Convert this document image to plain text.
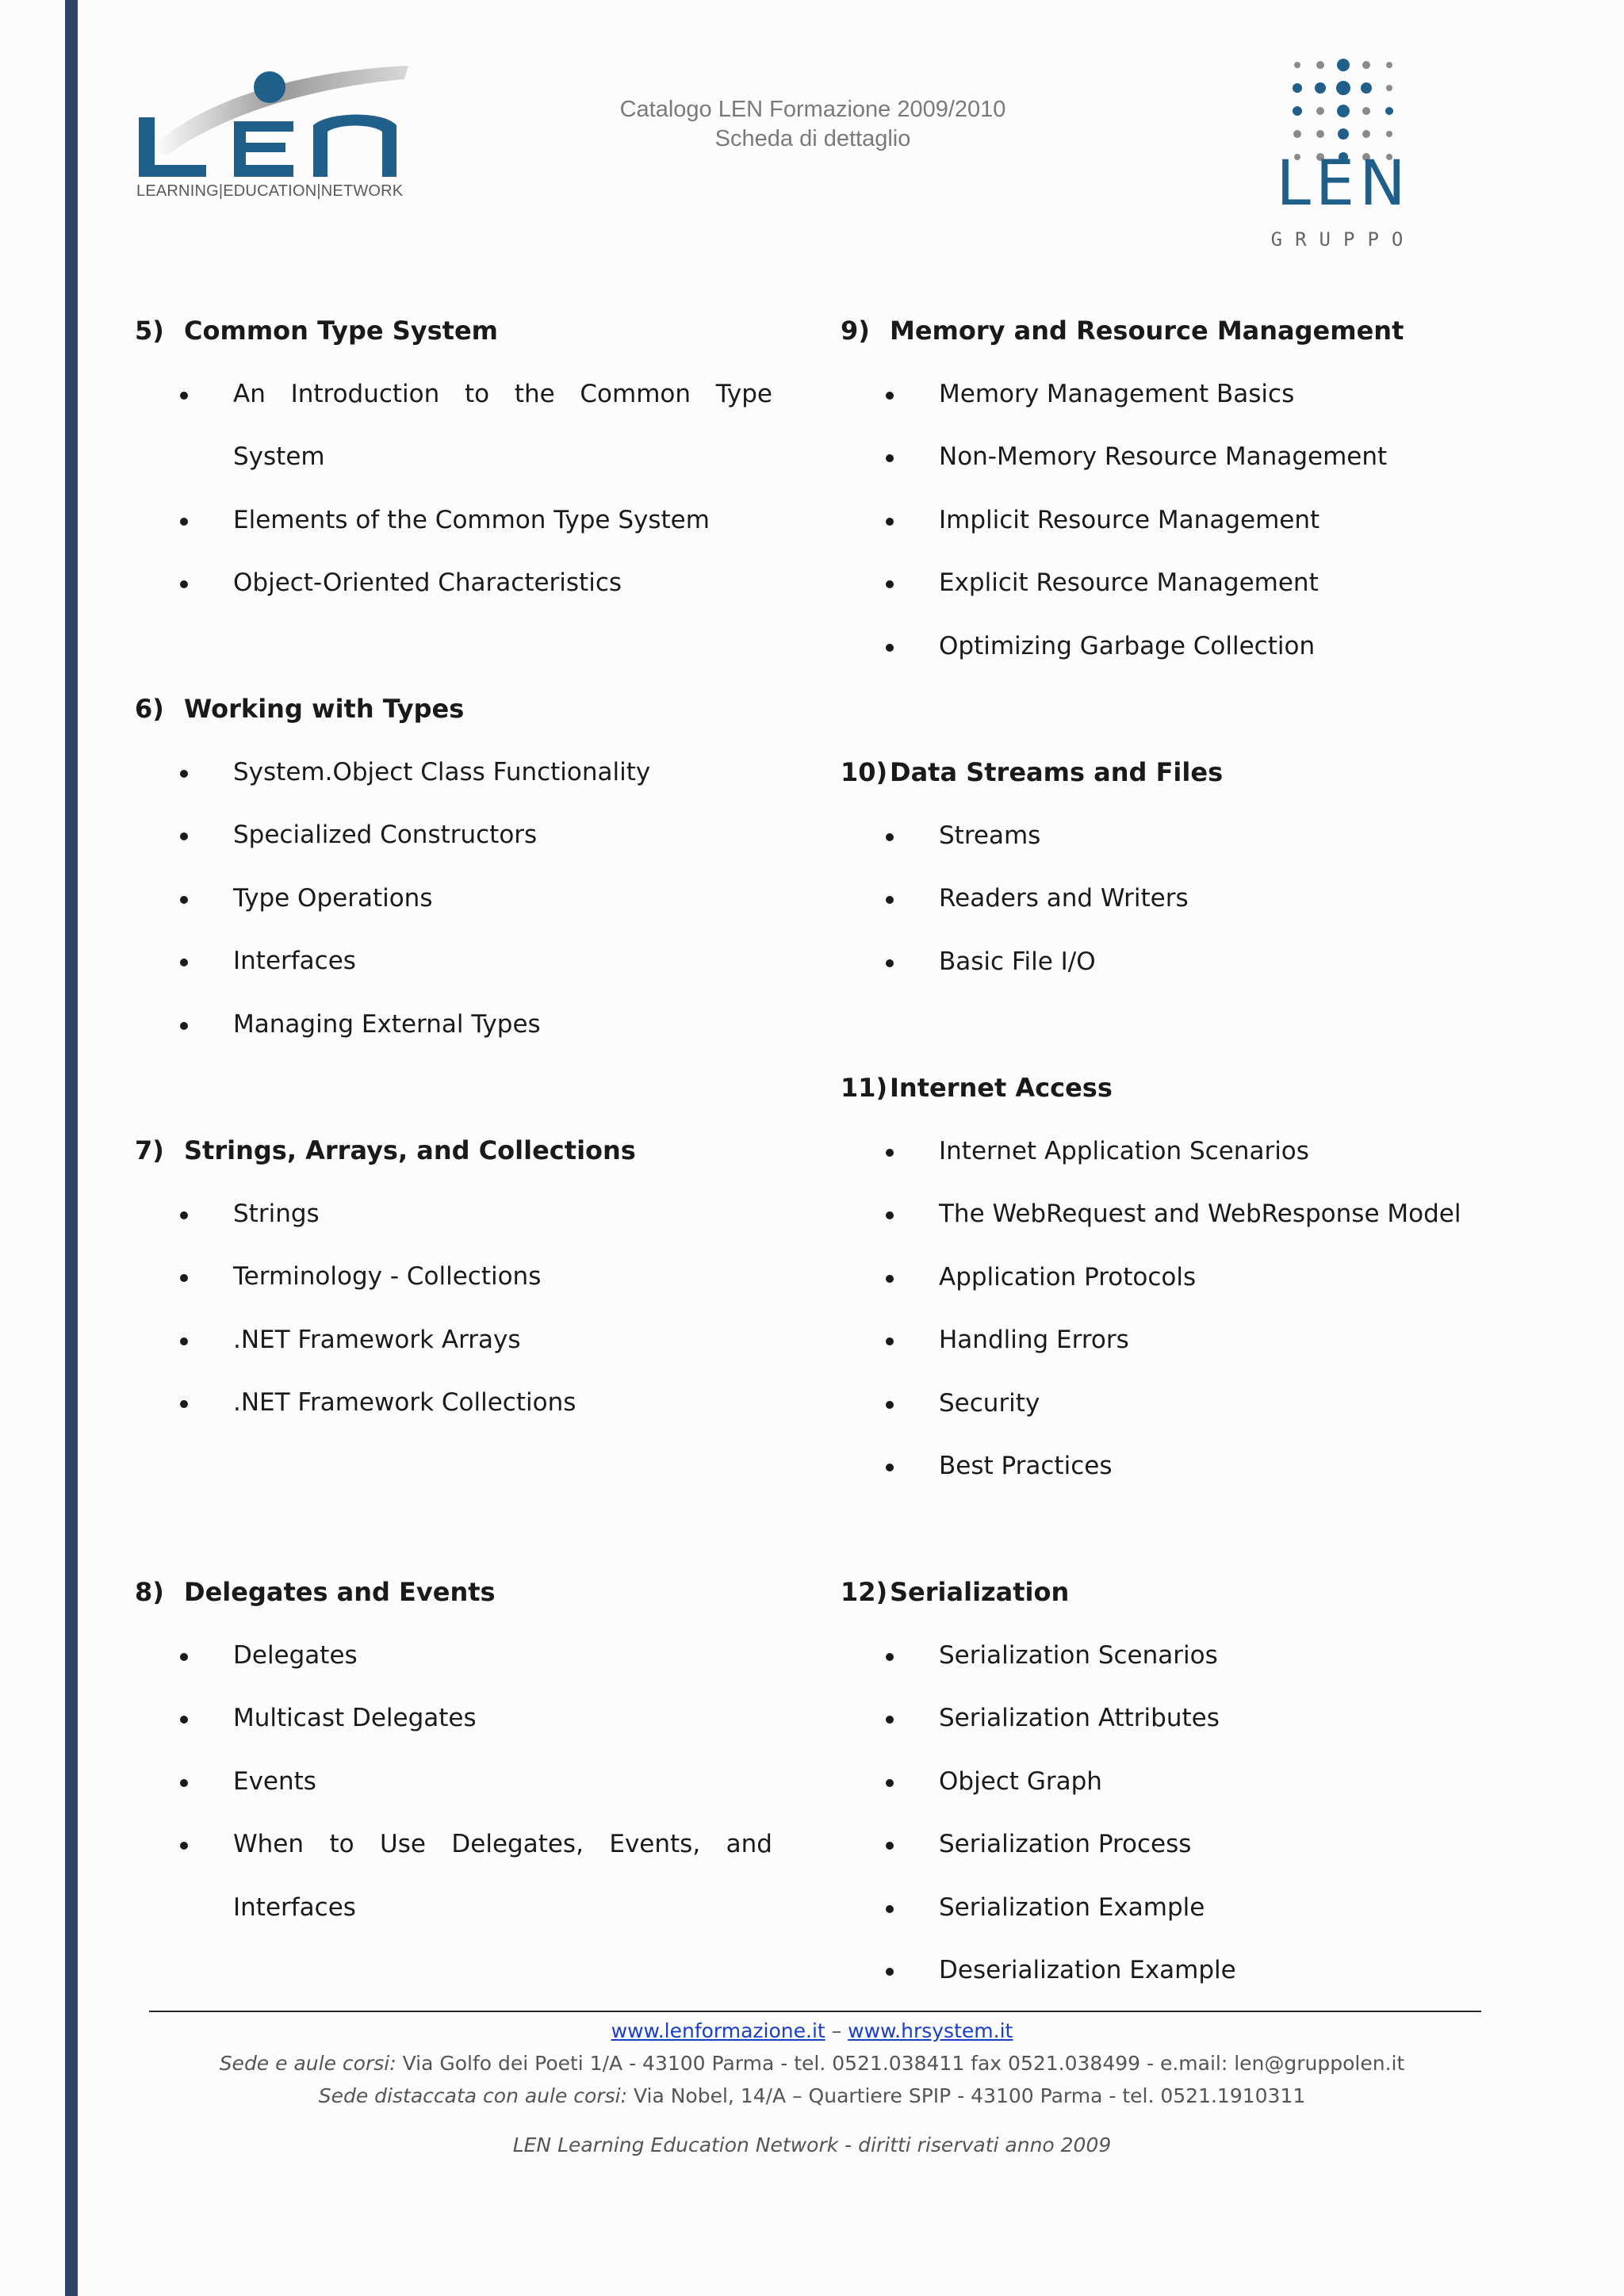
LEARNING|EDUCATION|NETWORK
Catalogo LEN Formazione 2009/2010
Scheda di dettaglio
LEN
GRUPPO
5) Common Type System
An Introduction to the Common Type
System
Elements of the Common Type System
Object-Oriented Characteristics
6) Working with Types
System.Object Class Functionality
Specialized Constructors
Type Operations
Interfaces
Managing External Types
7) Strings, Arrays, and Collections
Strings
Terminology - Collections
.NET Framework Arrays
.NET Framework Collections
8) Delegates and Events
Delegates
Multicast Delegates
Events
When to Use Delegates, Events, and
Interfaces
9) Memory and Resource Management
Memory Management Basics
Non-Memory Resource Management
Implicit Resource Management
Explicit Resource Management
Optimizing Garbage Collection
10)Data Streams and Files
Streams
Readers and Writers
Basic File I/O
11)Internet Access
Internet Application Scenarios
The WebRequest and WebResponse Model
Application Protocols
Handling Errors
Security
Best Practices
12)Serialization
Serialization Scenarios
Serialization Attributes
Object Graph
Serialization Process
Serialization Example
Deserialization Example
www.lenformazione.it – www.hrsystem.it
Sede e aule corsi: Via Golfo dei Poeti 1/A - 43100 Parma - tel. 0521.038411 fax 0521.038499 - e.mail: len@gruppolen.it
Sede distaccata con aule corsi: Via Nobel, 14/A – Quartiere SPIP - 43100 Parma - tel. 0521.1910311
LEN Learning Education Network - diritti riservati anno 2009
